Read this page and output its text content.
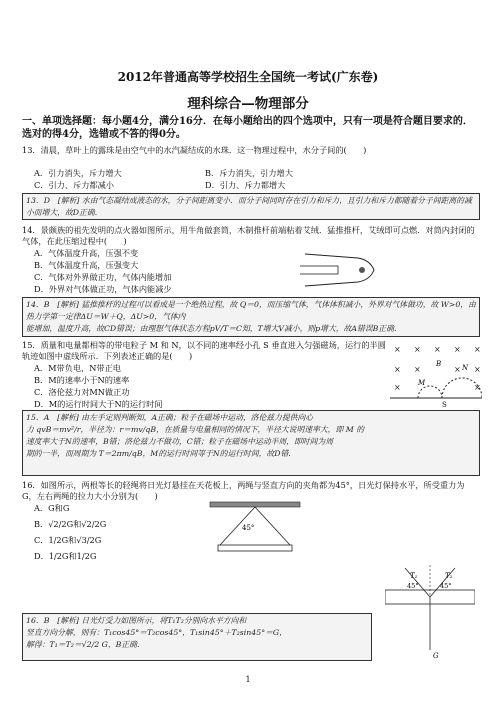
2012年普通高等学校招生全国统一考试(广东卷)
理科综合—物理部分
一、单项选择题：每小题4分，满分16分．在每小题给出的四个选项中，只有一项是符合题目要求的．选对的得4分，选错或不答的得0分。
13．清晨，草叶上的露珠是由空气中的水汽凝结成的水珠．这一物理过程中，水分子间的(　　)
A．引力消失，斥力增大	B．斥力消失，引力增大
C．引力、斥力都减小	D．引力、斥力都增大
13．D　[解析] 水由气态凝结成液态的水，分子间距离变小．而分子间同时存在引力和斥力，且引力和斥力都随着分子间距离的减小而增大，故D正确．
14．景颇族的祖先发明的点火器如图所示，用牛角做套筒，木制推杆前端粘着艾绒．猛推推杆，艾绒即可点燃．对筒内封闭的气体，在此压缩过程中(　　)
A．气体温度升高，压强不变
B．气体温度升高，压强变大
C．气体对外界做正功，气体内能增加
D．外界对气体做正功，气体内能减少
14．B　[解析] 猛推推杆的过程可以看成是一个绝热过程，故 Q＝0，而压缩气体，气体体积减小，外界对气体做功，故 W>0，由热力学第一定律ΔU＝W＋Q，ΔU>0，气体内
能增加，温度升高，故CD错误；由理想气体状态方程pV/T＝C知，T增大V减小，则p增大，故A错误B正确．
15．质量和电量都相等的带电粒子 M 和 N，以不同的速率经小孔 S 垂直进入匀强磁场，运行的半圆轨迹如图中虚线所示．下列表述正确的是(　　)
A．M带负电，N带正电
B．M的速率小于N的速率
C．洛伦兹力对MN做正功
D．M的运行时间大于N的运行时间
× × × × ×
× ×	× ×
×	×
S
M
N
B
15．A　[解析] 由左手定则判断知，A正确；粒子在磁场中运动，洛伦兹力提供向心
力 qvB＝mv²/r，半径为：r＝mv/qB，在质量与电量相同的情况下，半径大说明速率大，即 M 的
速度率大于N的速率，B错；洛伦兹力不做功，C错；粒子在磁场中运动半周，即时间为周
期的一半，而周期为 T＝2πm/qB，M的运行时间等于N的运行时间，故D错．
16．如图所示，两根等长的轻绳将日光灯悬挂在天花板上，两绳与竖直方向的夹角都为45°，日光灯保持水平，所受重力为G，左右两绳的拉力大小分别为(　　)
A．G和G
B．√2/2G和√2/2G
C．1/2G和√3/2G
D．1/2G和1/2G
45°
45°	45°
T₁	T₂
G
16．B　[解析] 日光灯受力如图所示，将T₁T₂分别向水平方向和
竖直方向分解，则有：T₁cos45°＝T₂cos45°，T₁sin45°＋T₂sin45°＝G，
解得：T₁＝T₂＝√2/2 G，B正确．
1
